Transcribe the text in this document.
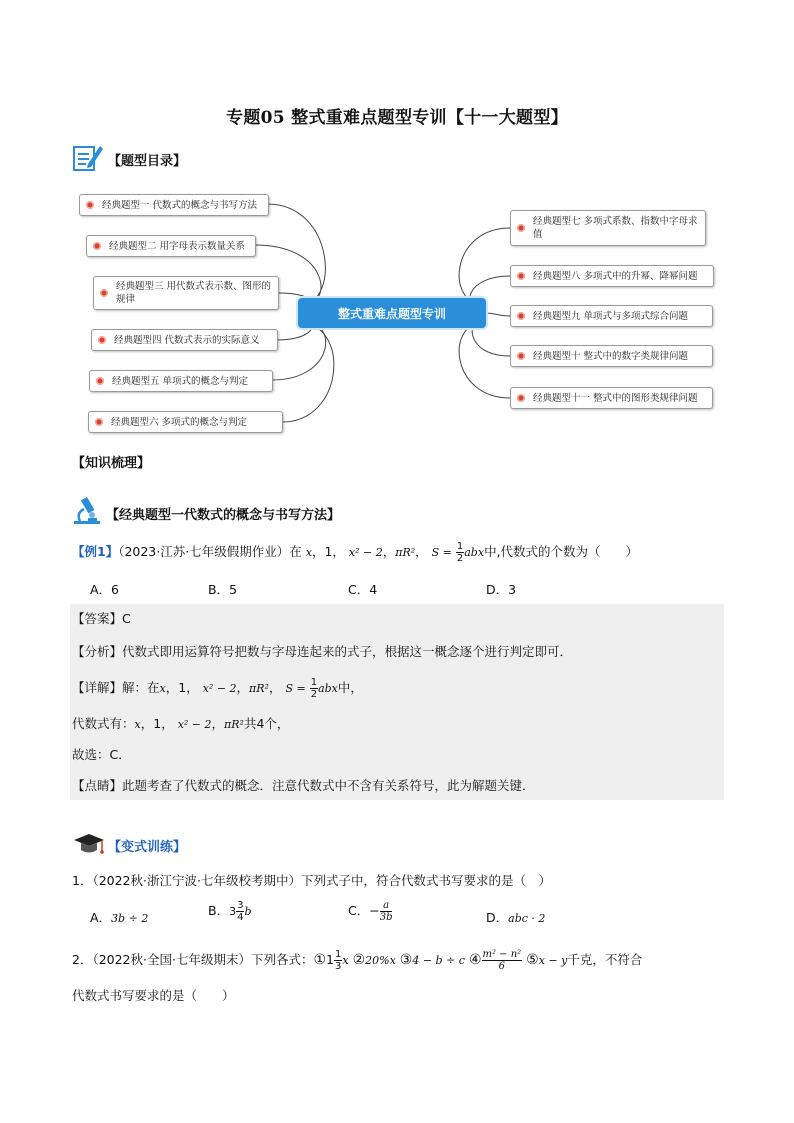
专题05 整式重难点题型专训【十一大题型】
【题型目录】
经典题型一 代数式的概念与书写方法
经典题型二 用字母表示数量关系
经典题型三 用代数式表示数、图形的规律
经典题型四 代数式表示的实际意义
经典题型五 单项式的概念与判定
经典题型六 多项式的概念与判定
整式重难点题型专训
经典题型七 多项式系数、指数中字母求值
经典题型八 多项式中的升幂、降幂问题
经典题型九 单项式与多项式综合问题
经典题型十 整式中的数字类规律问题
经典题型十一 整式中的图形类规律问题
【知识梳理】
【经典题型一代数式的概念与书写方法】
【例1】（2023·江苏·七年级假期作业）在 x，1， x² − 2，πR²， $S = \frac{1}{2}$ abx中,代数式的个数为（　　）
A．6	B．5	C．4	D．3
【答案】C
【分析】代数式即用运算符号把数与字母连起来的式子，根据这一概念逐个进行判定即可．
【详解】解：在x，1， x² − 2，πR²， $S = \frac{1}{2}$ abx中，
代数式有：x，1， x² − 2，πR²共4个，
故选：C．
【点睛】此题考查了代数式的概念．注意代数式中不含有关系符号，此为解题关键．
【变式训练】
1．（2022秋·浙江宁波·七年级校考期中）下列式子中，符合代数式书写要求的是（　）
A．3b ÷ 2
B．$3 \frac{3}{4}$ b	C．− $\frac{a}{3b}$	D．abc · 2
2．（2022秋·全国·七年级期末）下列各式：①1 $\frac{1}{3}$ x ②20%x ③4 − b ÷ c ④ $\frac{\text{m² − n²}}{6}$ ⑤x − y千克，不符合
代数式书写要求的是（　　）
